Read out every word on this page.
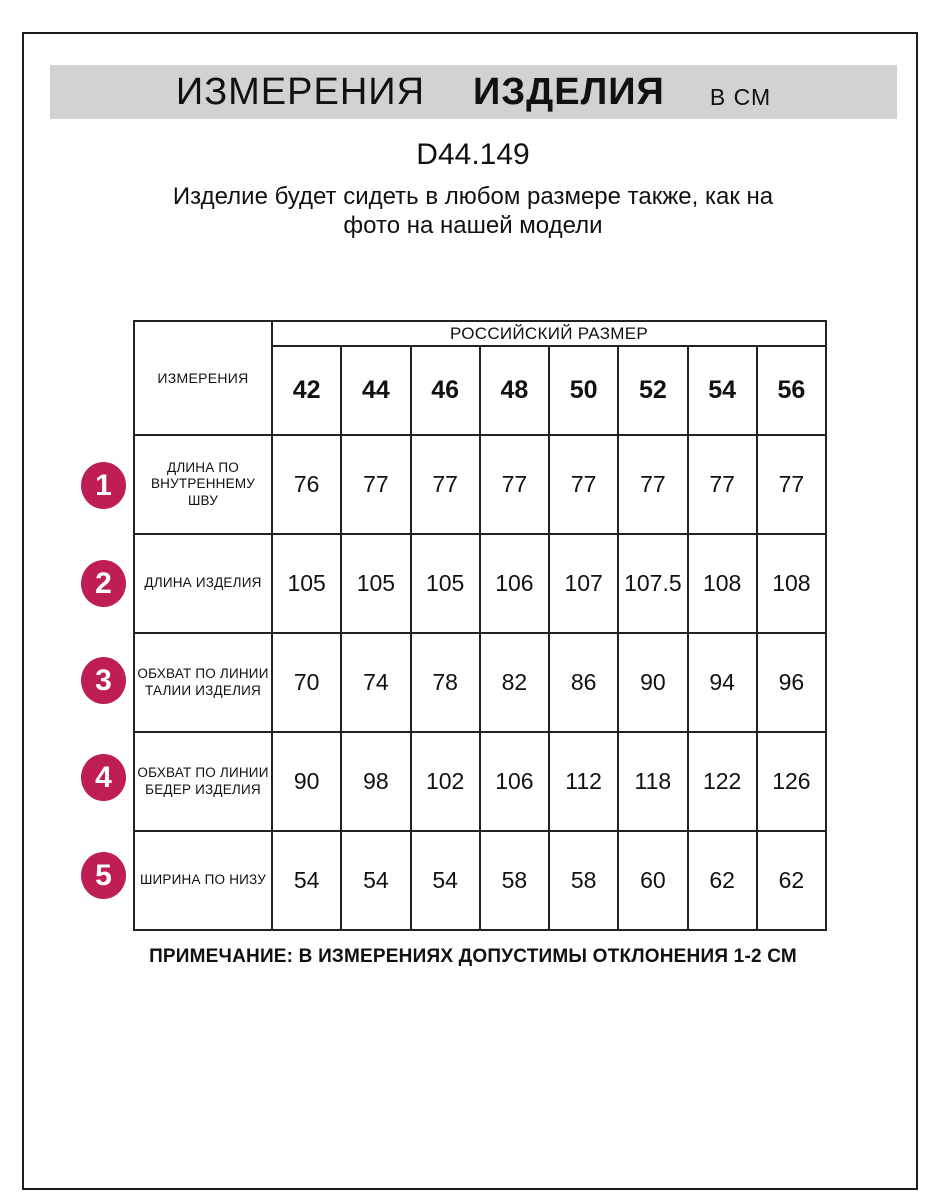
ИЗМЕРЕНИЯ ИЗДЕЛИЯ В СМ
D44.149
Изделие будет сидеть в любом размере также, как на фото на нашей модели
ИЗМЕРЕНИЯ	РОССИЙСКИЙ РАЗМЕР							
	42	44	46	48	50	52	54	56
ДЛИНА ПО ВНУТРЕННЕМУ ШВУ	76	77	77	77	77	77	77	77
ДЛИНА ИЗДЕЛИЯ	105	105	105	106	107	107.5	108	108
ОБХВАТ ПО ЛИНИИ ТАЛИИ ИЗДЕЛИЯ	70	74	78	82	86	90	94	96
ОБХВАТ ПО ЛИНИИ БЕДЕР ИЗДЕЛИЯ	90	98	102	106	112	118	122	126
ШИРИНА ПО НИЗУ	54	54	54	58	58	60	62	62
1
2
3
4
5
ПРИМЕЧАНИЕ: В ИЗМЕРЕНИЯХ ДОПУСТИМЫ ОТКЛОНЕНИЯ 1-2 СМ
